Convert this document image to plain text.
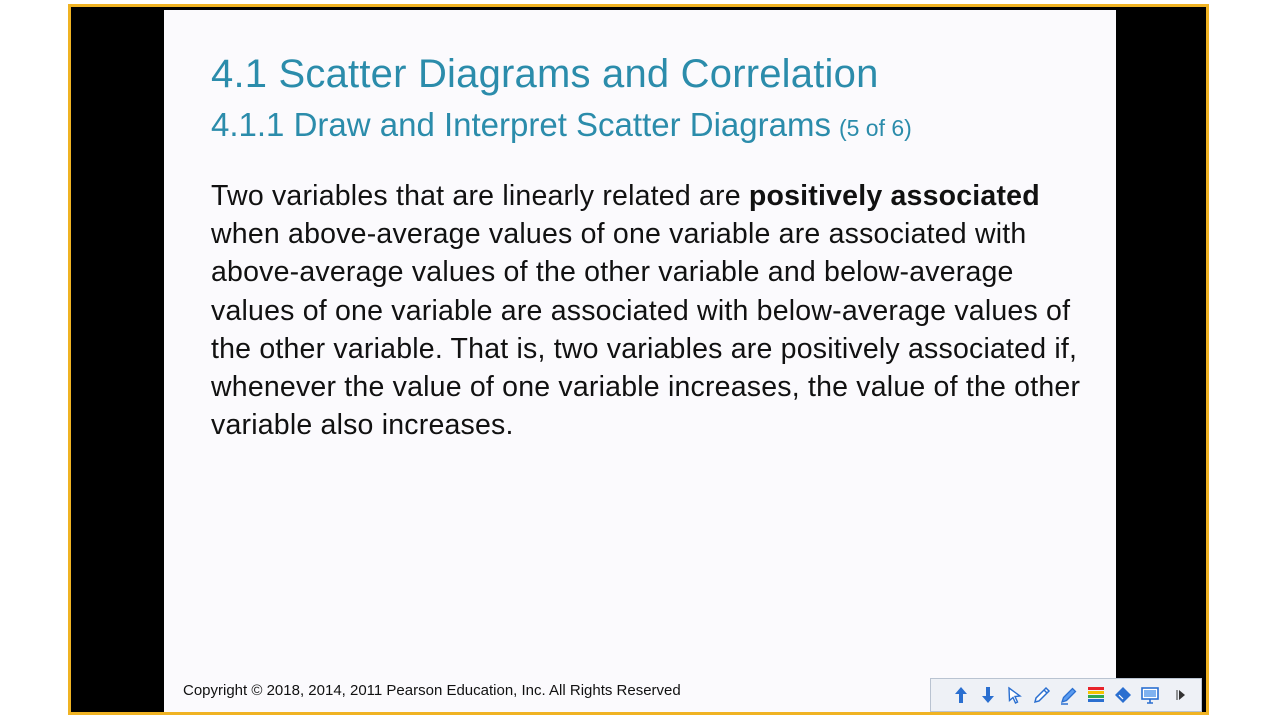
4.1 Scatter Diagrams and Correlation
4.1.1 Draw and Interpret Scatter Diagrams (5 of 6)
Two variables that are linearly related are positively associated when above-average values of one variable are associated with above-average values of the other variable and below-average values of one variable are associated with below-average values of the other variable. That is, two variables are positively associated if, whenever the value of one variable increases, the value of the other variable also increases.
Copyright © 2018, 2014, 2011 Pearson Education, Inc. All Rights Reserved
